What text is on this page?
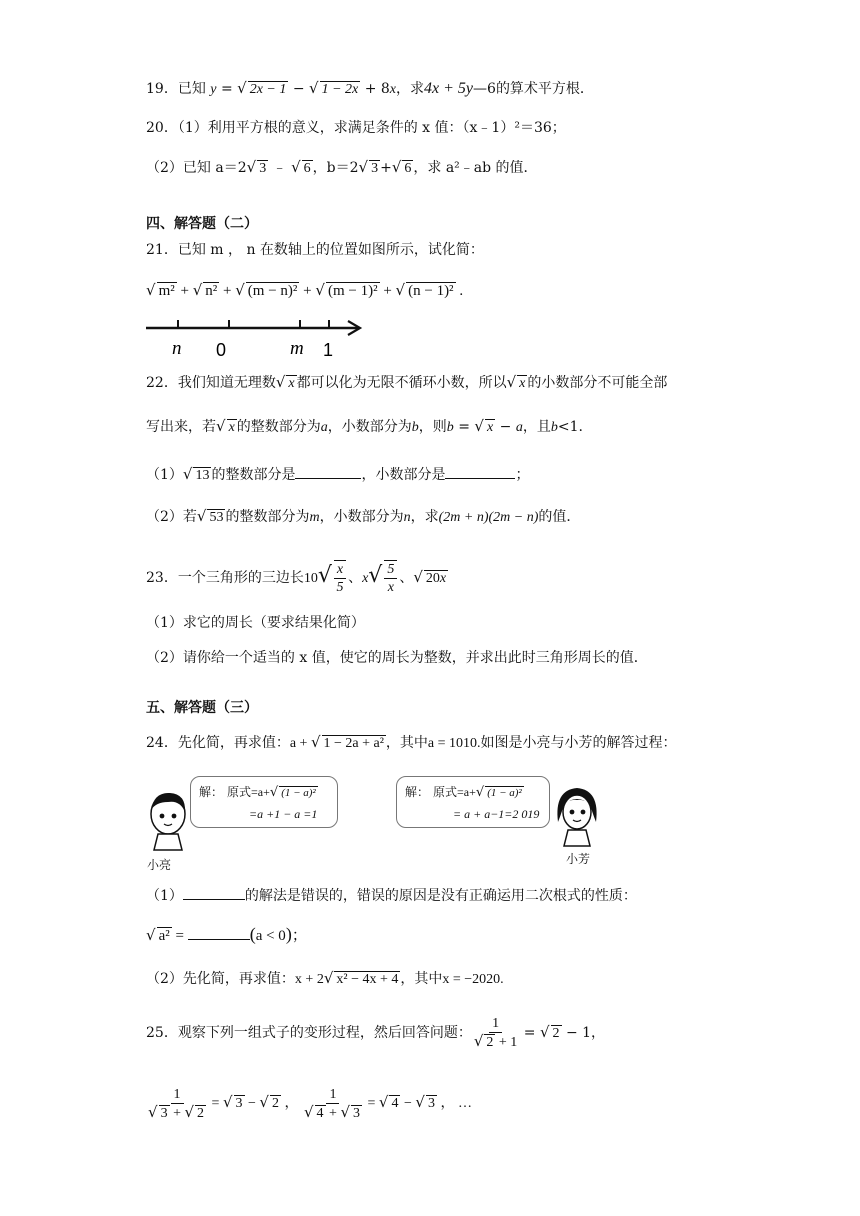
19．已知 y = √ 2x − 1 − √ 1 − 2x + 8x，求4x + 5y—6的算术平方根．
20．（1）利用平方根的意义，求满足条件的 x 值：（x﹣1）²＝36；
（2）已知 a＝2√ 3 ﹣ √ 6 ，b＝2√ 3 +√ 6 ，求 a²﹣ab 的值．
四、解答题（二）
21．已知 m ， n 在数轴上的位置如图所示，试化简：
√ m² + √ n² + √ (m − n)² + √ (m − 1)² + √ (n − 1)² .
n 0	m 1
22．我们知道无理数√ x 都可以化为无限不循环小数，所以√ x 的小数部分不可能全部
写出来，若√ x 的整数部分为a，小数部分为b，则b = √ x − a，且b<1.
（1）√ 13 的整数部分是	，小数部分是	；
（2）若√ 53 的整数部分为m，小数部分为n，求(2m + n)(2m − n)的值．
23．一个三角形的三边长$10√ \frac{x}{5}$ 、$x√ \frac{5}{x}$ 、√ 20x
（1）求它的周长（要求结果化简）
（2）请你给一个适当的 x 值，使它的周长为整数，并求出此时三角形周长的值．
五、解答题（三）
24．先化简，再求值：a + √ 1 − 2a + a² ，其中a = 1010.如图是小亮与小芳的解答过程：
小亮
解： 原式=a+√ (1 − a)²
=a +1 − a =1
解： 原式=a+√ (1 − a)²
= a + a−1=2 019
小芳
（1）	的解法是错误的，错误的原因是没有正确运用二次根式的性质：
√ a² =	(a < 0)；
（2）先化简，再求值：x + 2√ x² − 4x + 4 ，其中x = −2020.
25．观察下列一组式子的变形过程，然后回答问题： $\frac{1}{√ 2 + 1}$ = √ 2 − 1，
$\frac{1}{√ 3 + √ 2}$ = √ 3 − √ 2 ， $\frac{1}{√ 4 + √ 3}$ = √ 4 − √ 3 ， …
